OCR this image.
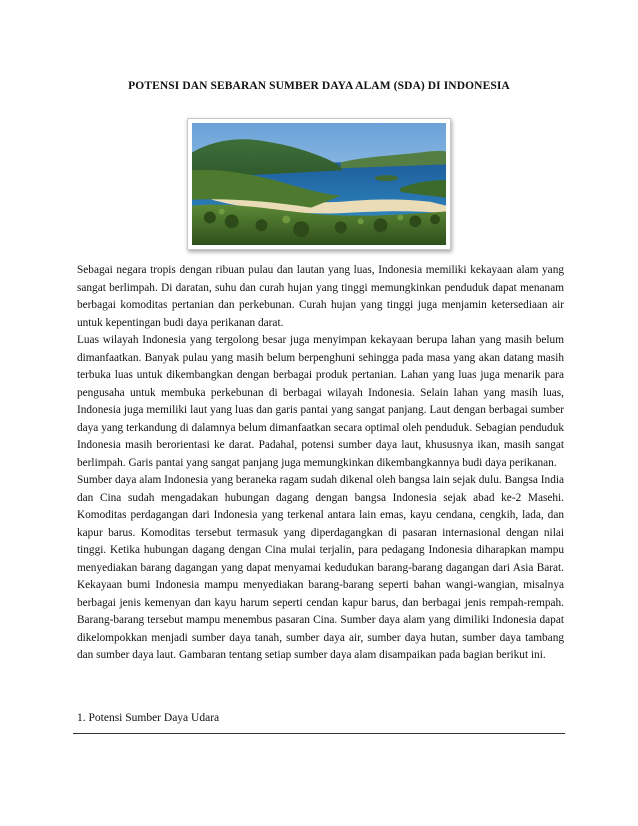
POTENSI DAN SEBARAN SUMBER DAYA ALAM (SDA) DI INDONESIA

Sebagai negara tropis dengan ribuan pulau dan lautan yang luas, Indonesia memiliki kekayaan alam yang sangat berlimpah. Di daratan, suhu dan curah hujan yang tinggi memungkinkan penduduk dapat menanam berbagai komoditas pertanian dan perkebunan. Curah hujan yang tinggi juga menjamin ketersediaan air untuk kepentingan budi daya perikanan darat.

Luas wilayah Indonesia yang tergolong besar juga menyimpan kekayaan berupa lahan yang masih belum dimanfaatkan. Banyak pulau yang masih belum berpenghuni sehingga pada masa yang akan datang masih terbuka luas untuk dikembangkan dengan berbagai produk pertanian. Lahan yang luas juga menarik para pengusaha untuk membuka perkebunan di berbagai wilayah Indonesia. Selain lahan yang masih luas, Indonesia juga memiliki laut yang luas dan garis pantai yang sangat panjang. Laut dengan berbagai sumber daya yang terkandung di dalamnya belum dimanfaatkan secara optimal oleh penduduk. Sebagian penduduk Indonesia masih berorientasi ke darat. Padahal, potensi sumber daya laut, khususnya ikan, masih sangat berlimpah. Garis pantai yang sangat panjang juga memungkinkan dikembangkannya budi daya perikanan.

Sumber daya alam Indonesia yang beraneka ragam sudah dikenal oleh bangsa lain sejak dulu. Bangsa India dan Cina sudah mengadakan hubungan dagang dengan bangsa Indonesia sejak abad ke-2 Masehi. Komoditas perdagangan dari Indonesia yang terkenal antara lain emas, kayu cendana, cengkih, lada, dan kapur barus. Komoditas tersebut termasuk yang diperdagangkan di pasaran internasional dengan nilai tinggi. Ketika hubungan dagang dengan Cina mulai terjalin, para pedagang Indonesia diharapkan mampu menyediakan barang dagangan yang dapat menyamai kedudukan barang-barang dagangan dari Asia Barat. Kekayaan bumi Indonesia mampu menyediakan barang-barang seperti bahan wangi-wangian, misalnya berbagai jenis kemenyan dan kayu harum seperti cendan kapur barus, dan berbagai jenis rempah-rempah. Barang-barang tersebut mampu menembus pasaran Cina. Sumber daya alam yang dimiliki Indonesia dapat dikelompokkan menjadi sumber daya tanah, sumber daya air, sumber daya hutan, sumber daya tambang dan sumber daya laut. Gambaran tentang setiap sumber daya alam disampaikan pada bagian berikut ini.

1. Potensi Sumber Daya Udara
